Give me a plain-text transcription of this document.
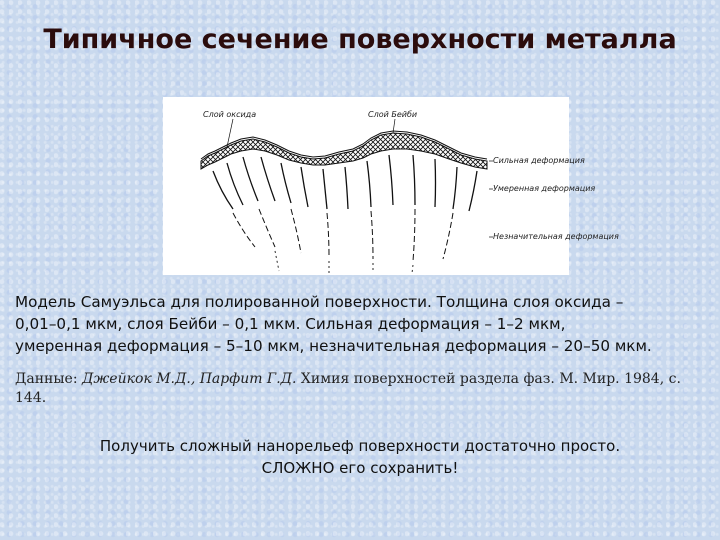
Типичное сечение поверхности металла
Слой оксида	Слой Бейби
Сильная деформация
Умеренная деформация
Незначительная деформация
Модель Самуэльса для полированной поверхности. Толщина слоя оксида –
0,01–0,1 мкм, слоя Бейби – 0,1 мкм. Сильная деформация – 1–2 мкм,
умеренная деформация – 5–10 мкм, незначительная деформация – 20–50 мкм.
Данные: Джейкок М.Д., Парфит Г.Д. Химия поверхностей раздела фаз. М. Мир. 1984, с.
144.
Получить сложный нанорельеф поверхности достаточно просто.
СЛОЖНО его сохранить!
